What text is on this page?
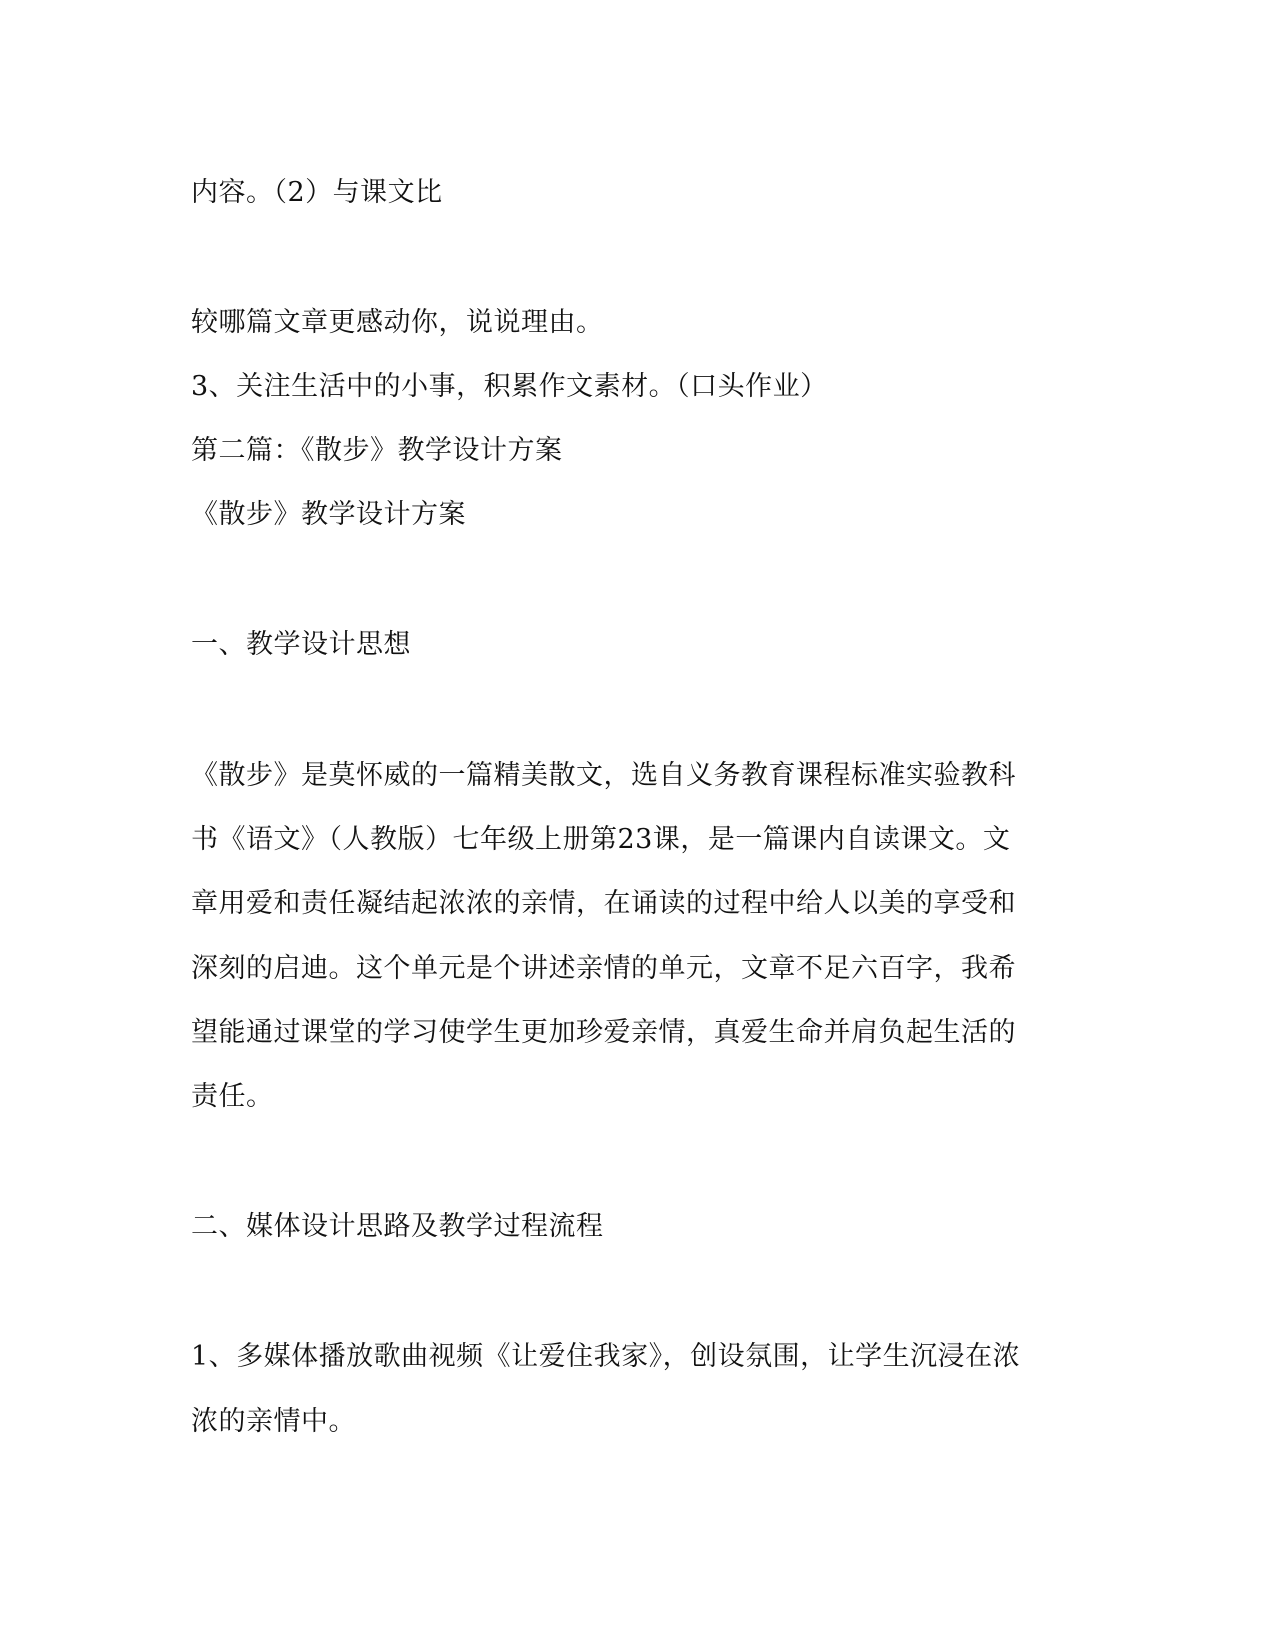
内容。（2）与课文比
较哪篇文章更感动你，说说理由。
3、关注生活中的小事，积累作文素材。（口头作业）
第二篇：《散步》教学设计方案
《散步》教学设计方案
一、教学设计思想
《散步》是莫怀威的一篇精美散文，选自义务教育课程标准实验教科
书《语文》（人教版）七年级上册第23课，是一篇课内自读课文。文
章用爱和责任凝结起浓浓的亲情，在诵读的过程中给人以美的享受和
深刻的启迪。这个单元是个讲述亲情的单元，文章不足六百字，我希
望能通过课堂的学习使学生更加珍爱亲情，真爱生命并肩负起生活的
责任。
二、媒体设计思路及教学过程流程
1、多媒体播放歌曲视频《让爱住我家》，创设氛围，让学生沉浸在浓
浓的亲情中。
